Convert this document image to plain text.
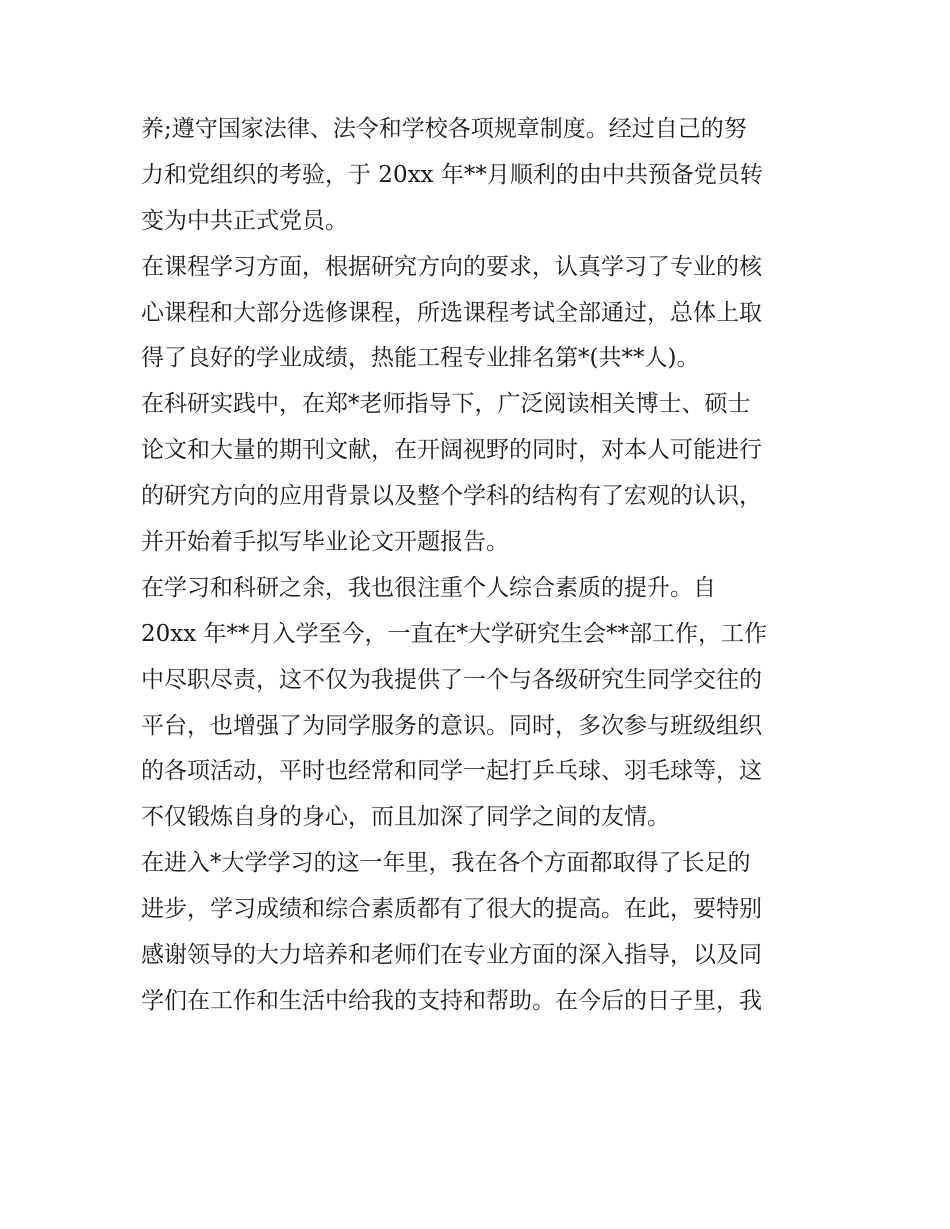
养;遵守国家法律、法令和学校各项规章制度。经过自己的努
力和党组织的考验，于 20xx 年**月顺利的由中共预备党员转
变为中共正式党员。
在课程学习方面，根据研究方向的要求，认真学习了专业的核
心课程和大部分选修课程，所选课程考试全部通过，总体上取
得了良好的学业成绩，热能工程专业排名第*(共**人)。
在科研实践中，在郑*老师指导下，广泛阅读相关博士、硕士
论文和大量的期刊文献，在开阔视野的同时，对本人可能进行
的研究方向的应用背景以及整个学科的结构有了宏观的认识，
并开始着手拟写毕业论文开题报告。
在学习和科研之余，我也很注重个人综合素质的提升。自
20xx 年**月入学至今，一直在*大学研究生会**部工作，工作
中尽职尽责，这不仅为我提供了一个与各级研究生同学交往的
平台，也增强了为同学服务的意识。同时，多次参与班级组织
的各项活动，平时也经常和同学一起打乒乓球、羽毛球等，这
不仅锻炼自身的身心，而且加深了同学之间的友情。
在进入*大学学习的这一年里，我在各个方面都取得了长足的
进步，学习成绩和综合素质都有了很大的提高。在此，要特别
感谢领导的大力培养和老师们在专业方面的深入指导，以及同
学们在工作和生活中给我的支持和帮助。在今后的日子里，我
